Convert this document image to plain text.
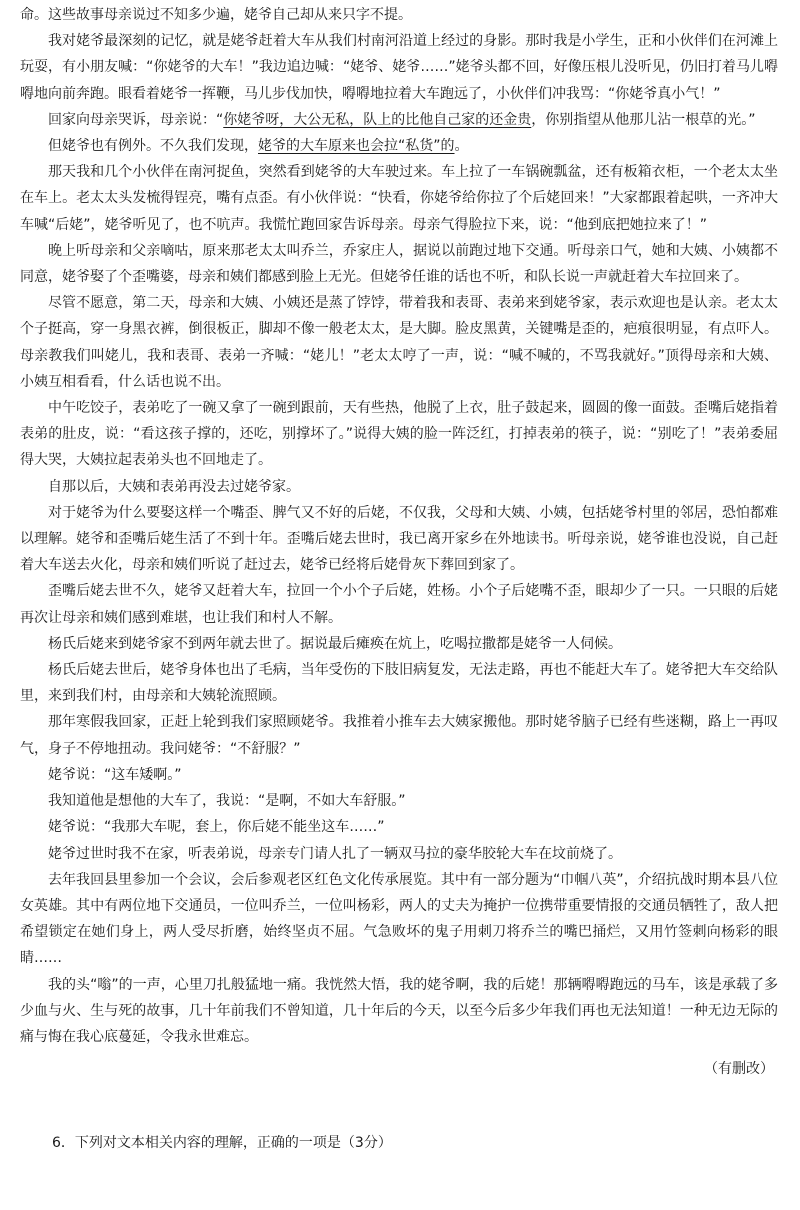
命。这些故事母亲说过不知多少遍，姥爷自己却从来只字不提。

我对姥爷最深刻的记忆，就是姥爷赶着大车从我们村南河沿道上经过的身影。那时我是小学生，正和小伙伴们在河滩上玩耍，有小朋友喊：“你姥爷的大车！”我边追边喊：“姥爷、姥爷……”姥爷头都不回，好像压根儿没听见，仍旧打着马儿嘚嘚地向前奔跑。眼看着姥爷一挥鞭，马儿步伐加快，嘚嘚地拉着大车跑远了，小伙伴们冲我骂：“你姥爷真小气！”

回家向母亲哭诉，母亲说：“你姥爷呀，大公无私，队上的比他自己家的还金贵，你别指望从他那儿沾一根草的光。”

但姥爷也有例外。不久我们发现，姥爷的大车原来也会拉“私货”的。

那天我和几个小伙伴在南河捉鱼，突然看到姥爷的大车驶过来。车上拉了一车锅碗瓢盆，还有板箱衣柜，一个老太太坐在车上。老太太头发梳得锃亮，嘴有点歪。有小伙伴说：“快看，你姥爷给你拉了个后姥回来！”大家都跟着起哄，一齐冲大车喊“后姥”，姥爷听见了，也不吭声。我慌忙跑回家告诉母亲。母亲气得脸拉下来，说：“他到底把她拉来了！”

晚上听母亲和父亲嘀咕，原来那老太太叫乔兰，乔家庄人，据说以前跑过地下交通。听母亲口气，她和大姨、小姨都不同意，姥爷娶了个歪嘴婆，母亲和姨们都感到脸上无光。但姥爷任谁的话也不听，和队长说一声就赶着大车拉回来了。

尽管不愿意，第二天，母亲和大姨、小姨还是蒸了饽饽，带着我和表哥、表弟来到姥爷家，表示欢迎也是认亲。老太太个子挺高，穿一身黑衣裤，倒很板正，脚却不像一般老太太，是大脚。脸皮黑黄，关键嘴是歪的，疤痕很明显，有点吓人。母亲教我们叫姥儿，我和表哥、表弟一齐喊：“姥儿！”老太太哼了一声，说：“喊不喊的，不骂我就好。”顶得母亲和大姨、小姨互相看看，什么话也说不出。

中午吃饺子，表弟吃了一碗又拿了一碗到跟前，天有些热，他脱了上衣，肚子鼓起来，圆圆的像一面鼓。歪嘴后姥指着表弟的肚皮，说：“看这孩子撑的，还吃，别撑坏了。”说得大姨的脸一阵泛红，打掉表弟的筷子，说：“别吃了！”表弟委屈得大哭，大姨拉起表弟头也不回地走了。

自那以后，大姨和表弟再没去过姥爷家。

对于姥爷为什么要娶这样一个嘴歪、脾气又不好的后姥，不仅我，父母和大姨、小姨，包括姥爷村里的邻居，恐怕都难以理解。姥爷和歪嘴后姥生活了不到十年。歪嘴后姥去世时，我已离开家乡在外地读书。听母亲说，姥爷谁也没说，自己赶着大车送去火化，母亲和姨们听说了赶过去，姥爷已经将后姥骨灰下葬回到家了。

歪嘴后姥去世不久，姥爷又赶着大车，拉回一个小个子后姥，姓杨。小个子后姥嘴不歪，眼却少了一只。一只眼的后姥再次让母亲和姨们感到难堪，也让我们和村人不解。

杨氏后姥来到姥爷家不到两年就去世了。据说最后瘫痪在炕上，吃喝拉撒都是姥爷一人伺候。

杨氏后姥去世后，姥爷身体也出了毛病，当年受伤的下肢旧病复发，无法走路，再也不能赶大车了。姥爷把大车交给队里，来到我们村，由母亲和大姨轮流照顾。

那年寒假我回家，正赶上轮到我们家照顾姥爷。我推着小推车去大姨家搬他。那时姥爷脑子已经有些迷糊，路上一再叹气，身子不停地扭动。我问姥爷：“不舒服？”

姥爷说：“这车矮啊。”

我知道他是想他的大车了，我说：“是啊，不如大车舒服。”

姥爷说：“我那大车呢，套上，你后姥不能坐这车……”

姥爷过世时我不在家，听表弟说，母亲专门请人扎了一辆双马拉的豪华胶轮大车在坟前烧了。

去年我回县里参加一个会议，会后参观老区红色文化传承展览。其中有一部分题为“巾帼八英”，介绍抗战时期本县八位女英雄。其中有两位地下交通员，一位叫乔兰，一位叫杨彩，两人的丈夫为掩护一位携带重要情报的交通员牺牲了，敌人把希望锁定在她们身上，两人受尽折磨，始终坚贞不屈。气急败坏的鬼子用刺刀将乔兰的嘴巴捅烂，又用竹签刺向杨彩的眼睛……

我的头“嗡”的一声，心里刀扎般猛地一痛。我恍然大悟，我的姥爷啊，我的后姥！那辆嘚嘚跑远的马车，该是承载了多少血与火、生与死的故事，几十年前我们不曾知道，几十年后的今天，以至今后多少年我们再也无法知道！一种无边无际的痛与悔在我心底蔓延，令我永世难忘。

（有删改）
6．下列对文本相关内容的理解，正确的一项是（3分）
